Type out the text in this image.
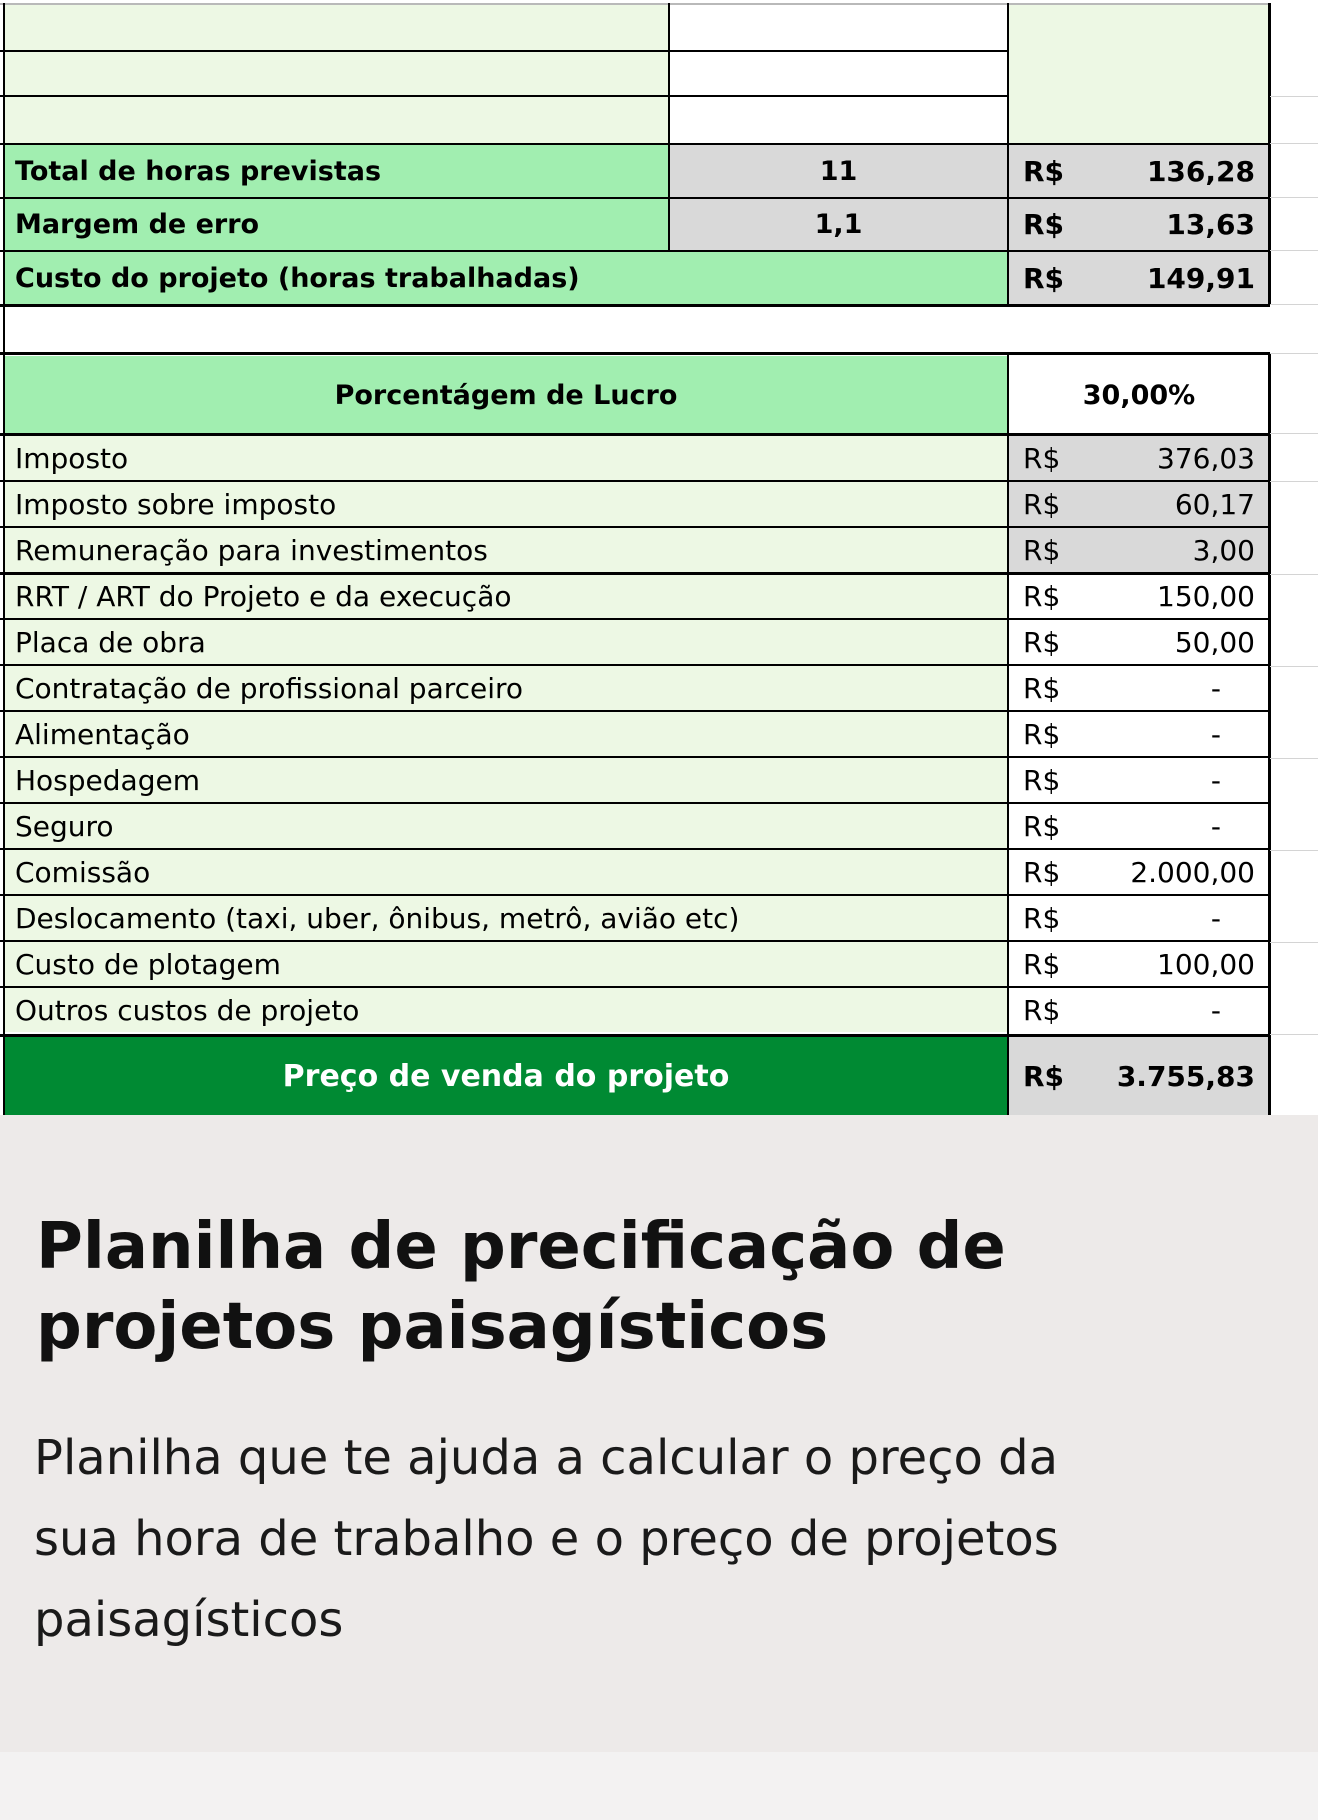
Total de horas previstas	11	R$	136,28
Margem de erro	1,1	R$	13,63
Custo do projeto (horas trabalhadas)	R$	149,91
Porcentágem de Lucro	30,00%
Imposto	R$	376,03
Imposto sobre imposto	R$	60,17
Remuneração para investimentos	R$	3,00
RRT / ART do Projeto e da execução	R$	150,00
Placa de obra	R$	50,00
Contratação de profissional parceiro	R$	-
Alimentação	R$	-
Hospedagem	R$	-
Seguro	R$	-
Comissão	R$	2.000,00
Deslocamento (taxi, uber, ônibus, metrô, avião etc)	R$	-
Custo de plotagem	R$	100,00
Outros custos de projeto	R$	-
Preço de venda do projeto	R$	3.755,83
Planilha de precificação de projetos paisagísticos
Planilha que te ajuda a calcular o preço da sua hora de trabalho e o preço de projetos paisagísticos
